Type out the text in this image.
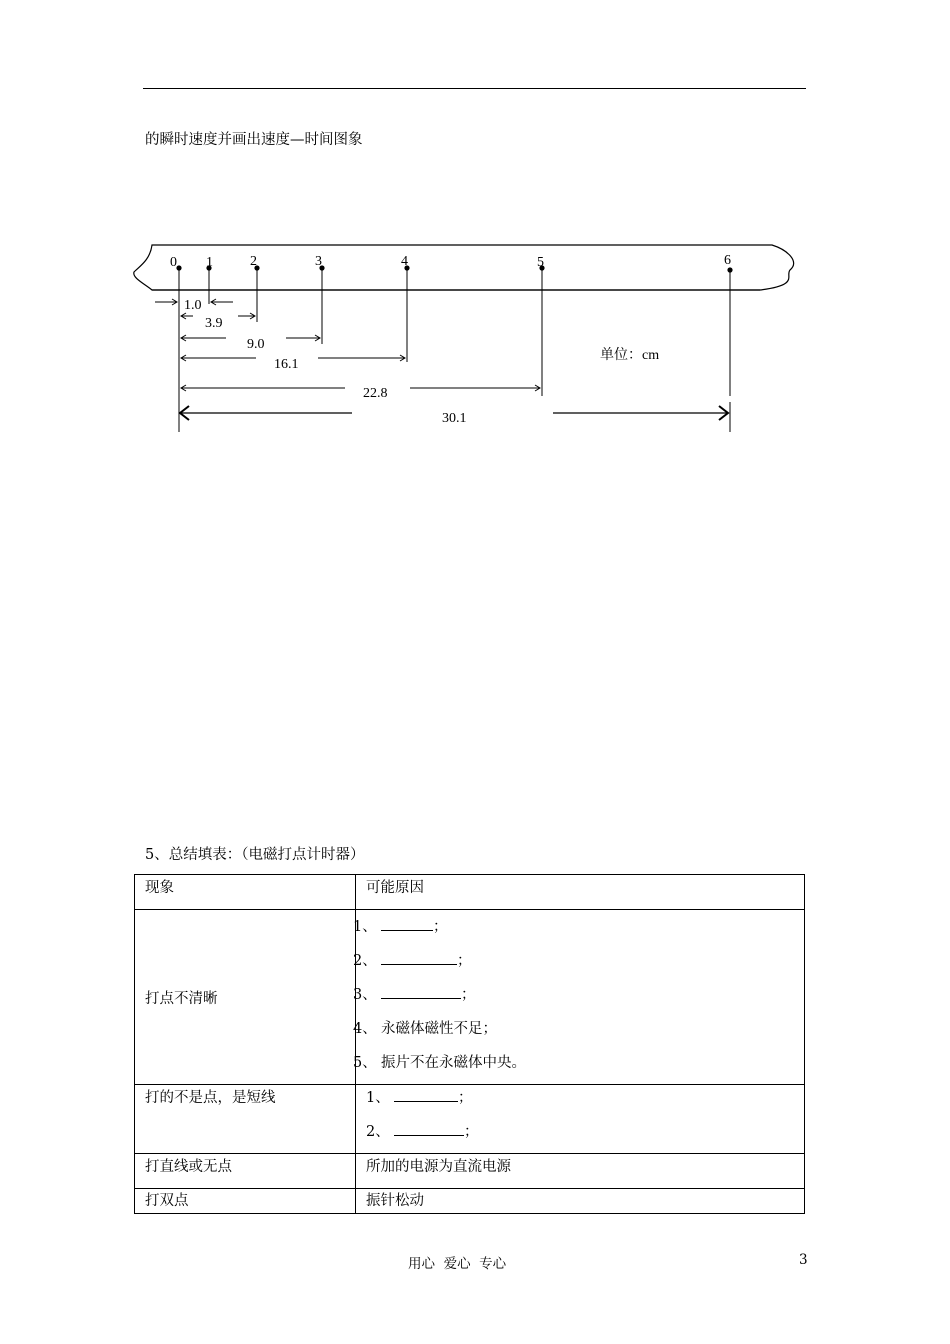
的瞬时速度并画出速度—时间图象
0 1	2	3	4	5	6
1.0
3.9
9.0
16.1
22.8
30.1
单位：cm
5、总结填表：（电磁打点计时器）
现象	可能原因

打点不清晰	1、 ；
2、 ；
3、 ；
4、 永磁体磁性不足；
5、 振片不在永磁体中央。

打的不是点，是短线	1、 ；
2、 ；

打直线或无点	所加的电源为直流电源

打双点	振针松动
用心  爱心  专心	3
